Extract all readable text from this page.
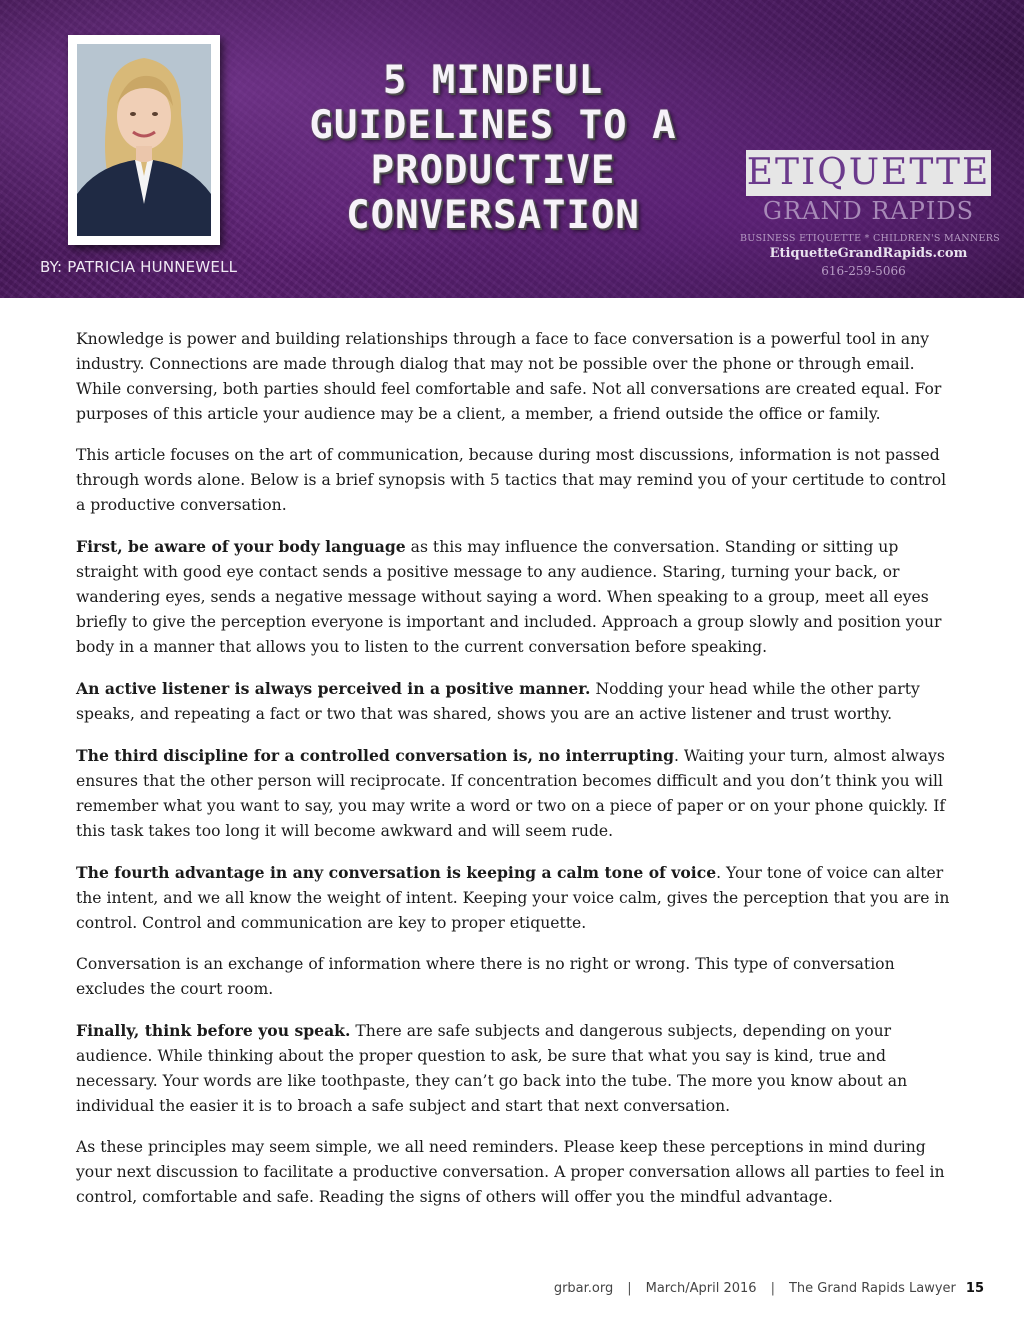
5 MINDFUL GUIDELINES TO A PRODUCTIVE CONVERSATION
BY: PATRICIA HUNNEWELL
ETIQUETTE
GRAND RAPIDS
BUSINESS ETIQUETTE * CHILDREN'S MANNERS
EtiquetteGrandRapids.com
616-259-5066

Knowledge is power and building relationships through a face to face conversation is a powerful tool in any industry. Connections are made through dialog that may not be possible over the phone or through email. While conversing, both parties should feel comfortable and safe. Not all conversations are created equal. For purposes of this article your audience may be a client, a member, a friend outside the office or family.

This article focuses on the art of communication, because during most discussions, information is not passed through words alone. Below is a brief synopsis with 5 tactics that may remind you of your certitude to control a productive conversation.

First, be aware of your body language as this may influence the conversation. Standing or sitting up straight with good eye contact sends a positive message to any audience. Staring, turning your back, or wandering eyes, sends a negative message without saying a word. When speaking to a group, meet all eyes briefly to give the perception everyone is important and included. Approach a group slowly and position your body in a manner that allows you to listen to the current conversation before speaking.

An active listener is always perceived in a positive manner. Nodding your head while the other party speaks, and repeating a fact or two that was shared, shows you are an active listener and trust worthy.

The third discipline for a controlled conversation is, no interrupting. Waiting your turn, almost always ensures that the other person will reciprocate. If concentration becomes difficult and you don’t think you will remember what you want to say, you may write a word or two on a piece of paper or on your phone quickly. If this task takes too long it will become awkward and will seem rude.

The fourth advantage in any conversation is keeping a calm tone of voice. Your tone of voice can alter the intent, and we all know the weight of intent. Keeping your voice calm, gives the perception that you are in control. Control and communication are key to proper etiquette.

Conversation is an exchange of information where there is no right or wrong. This type of conversation excludes the court room.

Finally, think before you speak. There are safe subjects and dangerous subjects, depending on your audience. While thinking about the proper question to ask, be sure that what you say is kind, true and necessary. Your words are like toothpaste, they can’t go back into the tube. The more you know about an individual the easier it is to broach a safe subject and start that next conversation.

As these principles may seem simple, we all need reminders. Please keep these perceptions in mind during your next discussion to facilitate a productive conversation. A proper conversation allows all parties to feel in control, comfortable and safe. Reading the signs of others will offer you the mindful advantage.

grbar.org | March/April 2016 | The Grand Rapids Lawyer 15
